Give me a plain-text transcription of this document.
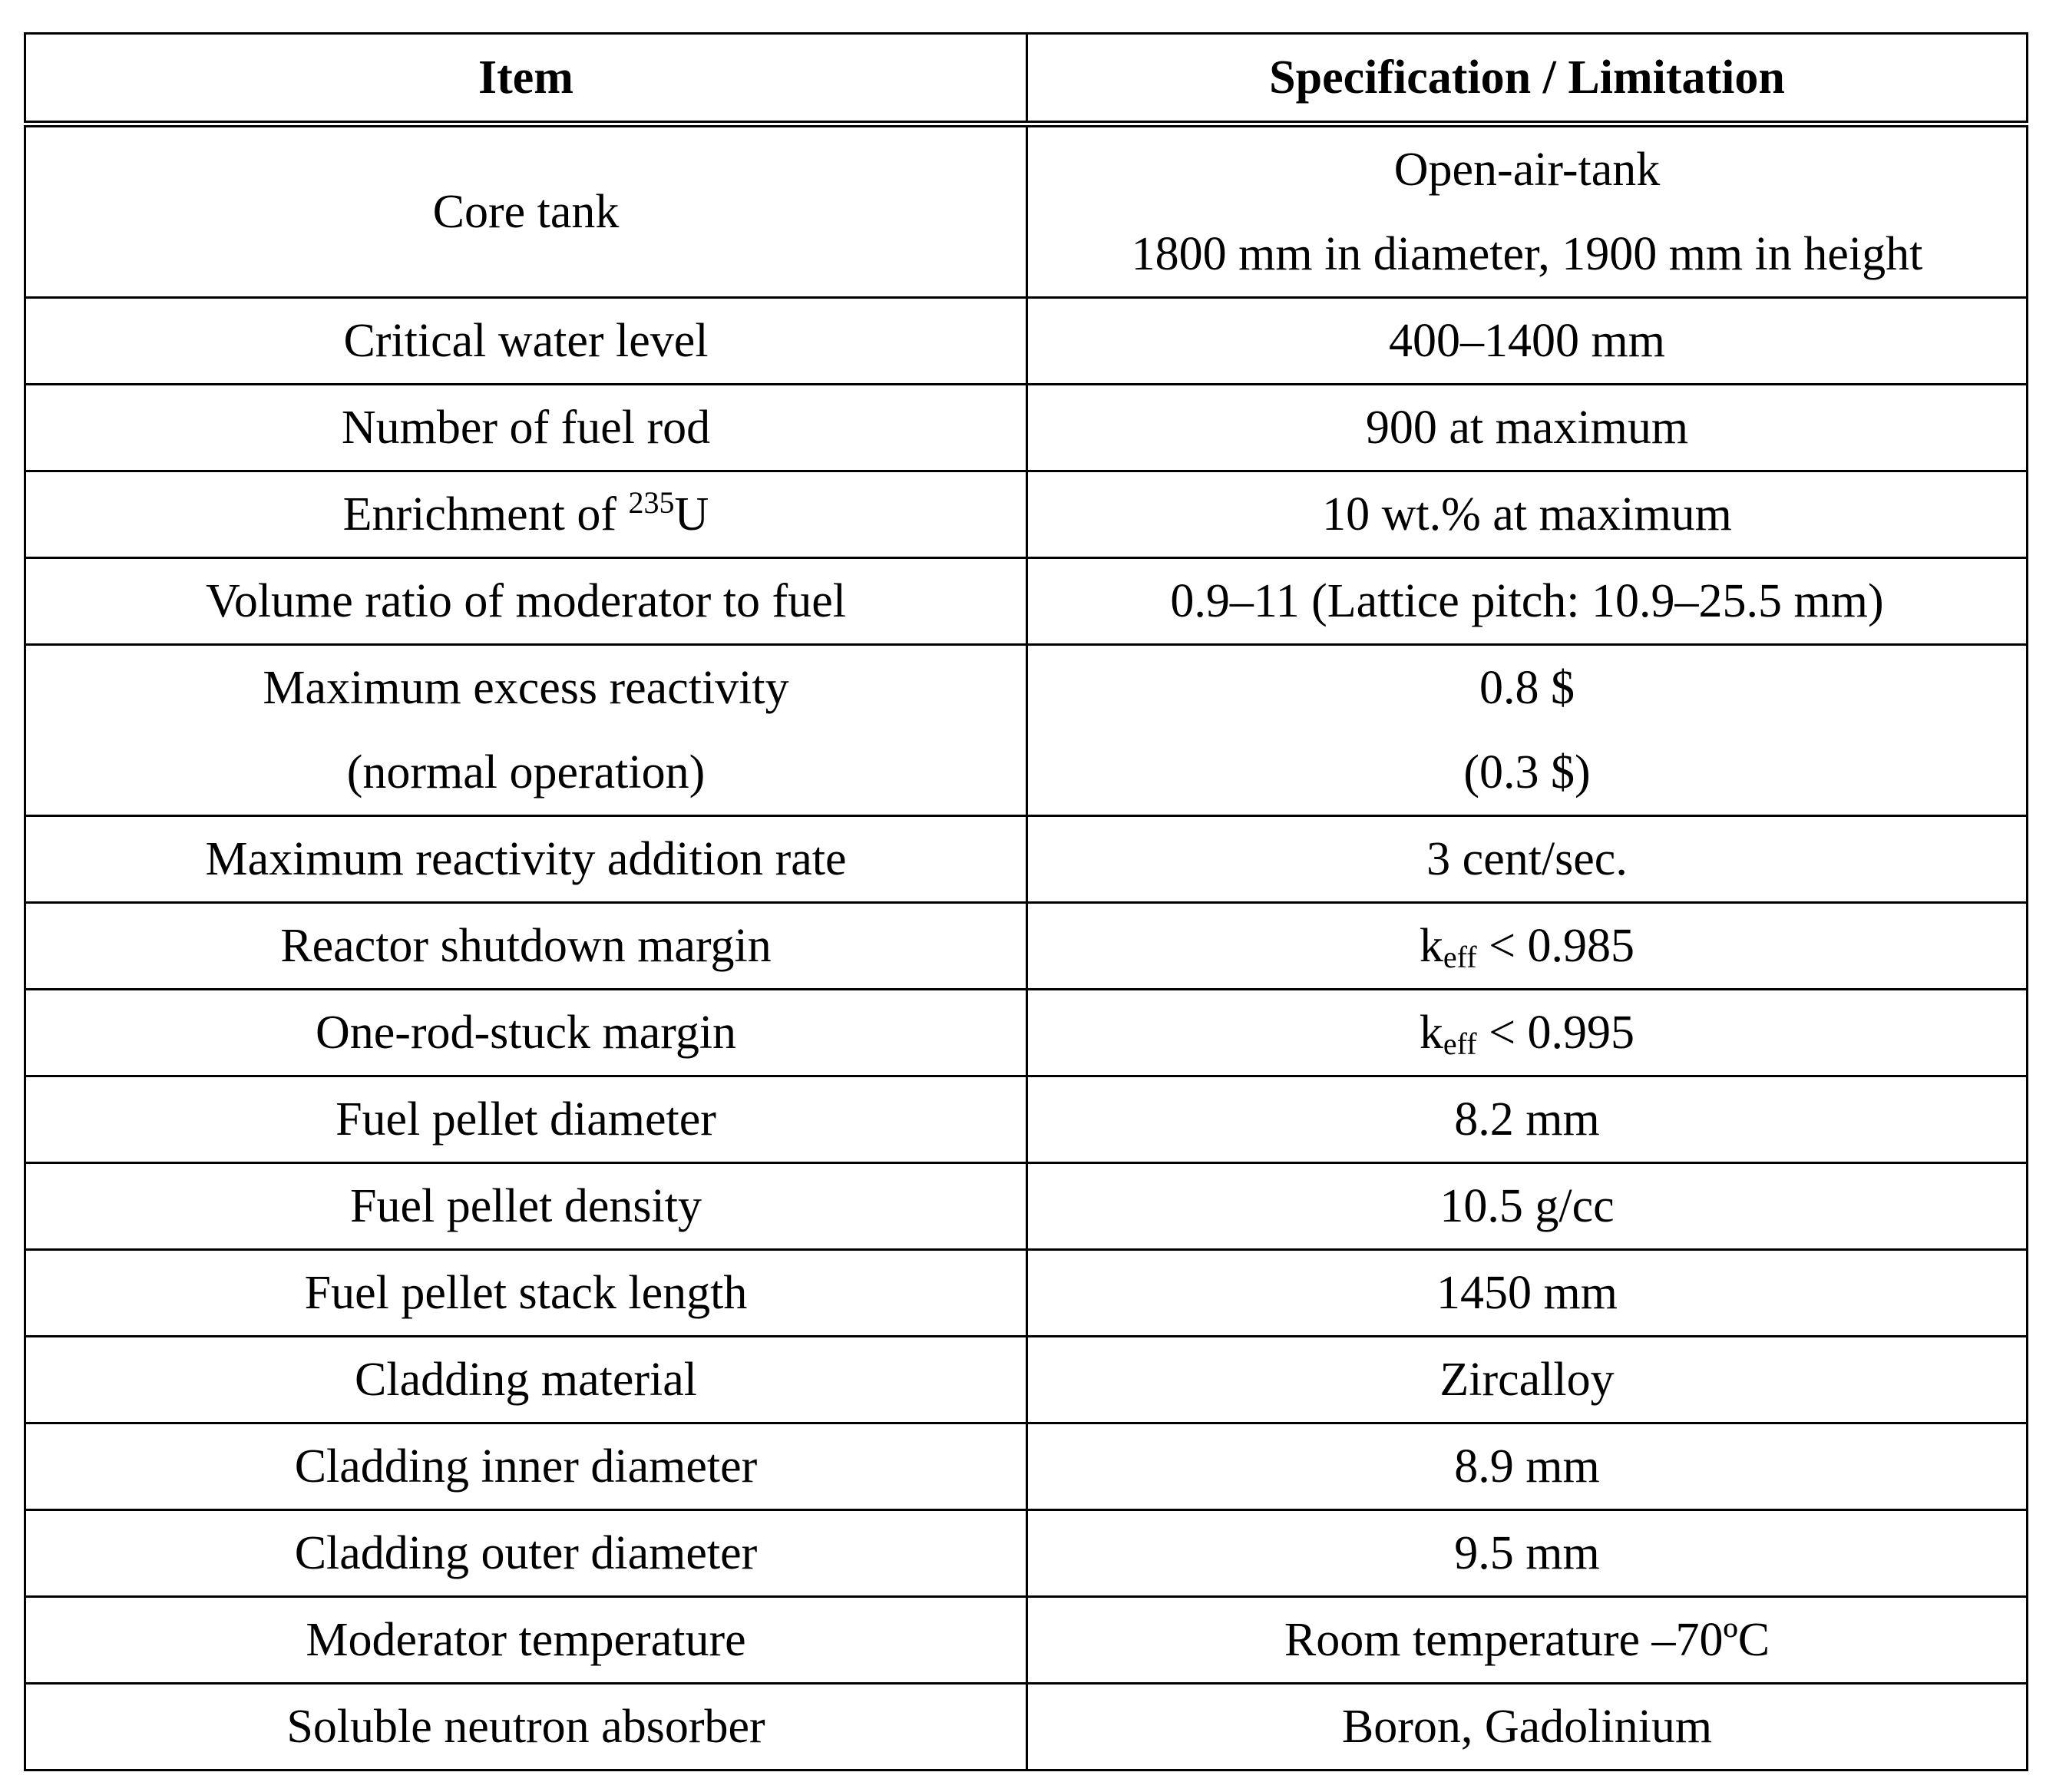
Item	Specification / Limitation
Core tank	Open-air-tank
1800 mm in diameter, 1900 mm in height

Critical water level	400–1400 mm
Number of fuel rod	900 at maximum
Enrichment of $^{235}$U	10 wt.% at maximum
Volume ratio of moderator to fuel	0.9–11 (Lattice pitch: 10.9–25.5 mm)

Maximum excess reactivity
(normal operation)	0.8 $
(0.3 $)

Maximum reactivity addition rate	3 cent/sec.
Reactor shutdown margin	$k_{eff} < 0.985$
One-rod-stuck margin	$k_{eff} < 0.995$
Fuel pellet diameter	8.2 mm
Fuel pellet density	10.5 g/cc
Fuel pellet stack length	1450 mm
Cladding material	Zircalloy
Cladding inner diameter	8.9 mm
Cladding outer diameter	9.5 mm
Moderator temperature	Room temperature –70ºC
Soluble neutron absorber	Boron, Gadolinium
